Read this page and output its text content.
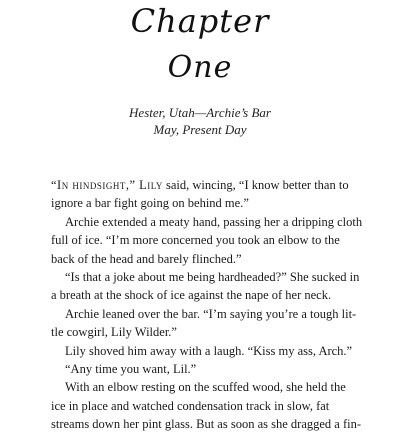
Chapter
One
Hester, Utah—Archie’s Bar
May, Present Day
“In hindsight,” Lily said, wincing, “I know better than to
ignore a bar fight going on behind me.”
Archie extended a meaty hand, passing her a dripping cloth
full of ice. “I’m more concerned you took an elbow to the
back of the head and barely flinched.”
“Is that a joke about me being hardheaded?” She sucked in
a breath at the shock of ice against the nape of her neck.
Archie leaned over the bar. “I’m saying you’re a tough lit-
tle cowgirl, Lily Wilder.”
Lily shoved him away with a laugh. “Kiss my ass, Arch.”
“Any time you want, Lil.”
With an elbow resting on the scuffed wood, she held the
ice in place and watched condensation track in slow, fat
streams down her pint glass. But as soon as she dragged a fin-
